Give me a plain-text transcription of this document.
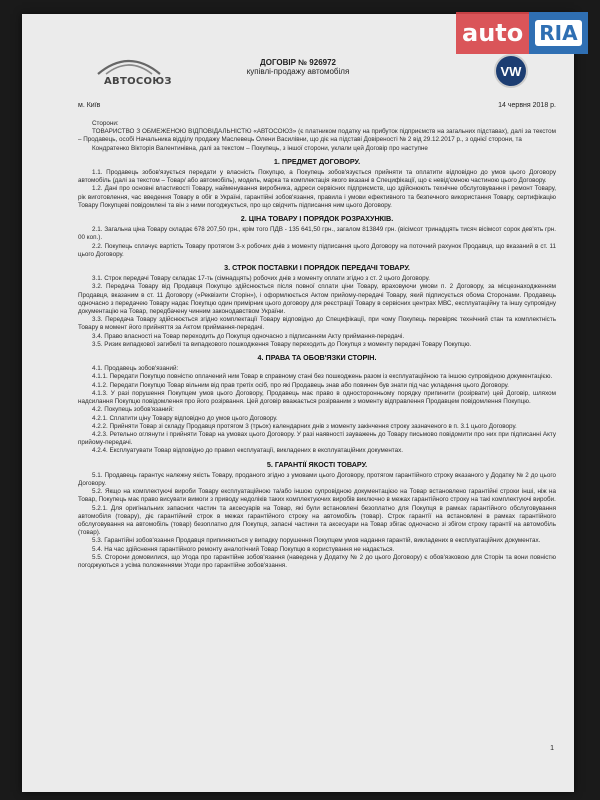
АВТОСОЮЗ
ДОГОВІР № 926972
купівлі-продажу автомобіля	VW
м. Київ	14 червня 2018 р.

Сторони:

ТОВАРИСТВО З ОБМЕЖЕНОЮ ВІДПОВІДАЛЬНІСТЮ «АВТОСОЮЗ» (є платником податку на прибуток підприємств на загальних підставах), далі за текстом – Продавець, особі Начальника відділу продажу Маслевець Олени Василівни, що діє на підставі Довіреності № 2 від 29.12.2017 р., з однієї сторони, та

Кондратенко Вікторія Валентинівна, далі за текстом – Покупець, з іншої сторони, уклали цей Договір про наступне

1. ПРЕДМЕТ ДОГОВОРУ.

1.1. Продавець зобов'язується передати у власність Покупцю, а Покупець зобов'язується прийняти та оплатити відповідно до умов цього Договору автомобіль (далі за текстом – Товар/ або автомобіль), модель, марка та комплектація якого вказані в Специфікації, що є невід'ємною частиною цього Договору.

1.2. Дані про основні властивості Товару, найменування виробника, адреси сервісних підприємств, що здійснюють технічне обслуговування і ремонт Товару, рік виготовлення, час введення Товару в обіг в Україні, гарантійні зобов'язання, правила і умови ефективного та безпечного використання Товару, сертифікацію Товару Покупцеві повідомлені та він з ними погоджується, про що свідчить підписання ним цього Договору.

2. ЦІНА ТОВАРУ І ПОРЯДОК РОЗРАХУНКІВ.

2.1. Загальна ціна Товару складає 678 207,50 грн., крім того ПДВ - 135 641,50 грн., загалом 813849 грн. (вісімсот тринадцять тисяч вісімсот сорок дев'ять грн. 00 коп.).

2.2. Покупець сплачує вартість Товару протягом 3-х робочих днів з моменту підписання цього Договору на поточний рахунок Продавця, що вказаний в ст. 11 цього Договору.

3. СТРОК ПОСТАВКИ І ПОРЯДОК ПЕРЕДАЧІ ТОВАРУ.

3.1. Строк передачі Товару складає 17-ть (сімнадцять) робочих днів з моменту оплати згідно з ст. 2 цього Договору.

3.2. Передача Товару від Продавця Покупцю здійснюється після повної сплати ціни Товару, враховуючи умови п. 2 Договору, за місцезнаходженням Продавця, вказаним в ст. 11 Договору («Реквізити Сторін»), і оформлюється Актом прийому-передачі Товару, який підписується обома Сторонами. Продавець одночасно з передачею Товару надає Покупцю один примірник цього договору для реєстрації Товару в сервісних центрах МВС, експлуатаційну та іншу супровідну документацію на Товар, передбачену чинним законодавством України.

3.3. Передача Товару здійснюється згідно комплектації Товару відповідно до Специфікації, при чому Покупець перевіряє технічний стан та комплектність Товару в момент його прийняття за Актом приймання-передачі.

3.4. Право власності на Товар переходить до Покупця одночасно з підписанням Акту приймання-передачі.

3.5. Ризик випадкової загибелі та випадкового пошкодження Товару переходить до Покупця з моменту передачі Товару Покупцю.

4. ПРАВА ТА ОБОВ'ЯЗКИ СТОРІН.

4.1. Продавець зобов'язаний:

4.1.1. Передати Покупцю повністю оплачений ним Товар в справному стані без пошкоджень разом із експлуатаційною та іншою супровідною документацією.

4.1.2. Передати Покупцю Товар вільним від прав третіх осіб, про які Продавець знав або повинен був знати під час укладення цього Договору.

4.1.3. У разі порушення Покупцем умов цього Договору, Продавець має право в односторонньому порядку припинити (розірвати) цей Договір, шляхом надсилання Покупцю повідомлення про його розірвання. Цей договір вважається розірваним з моменту відправлення Продавцем повідомлення Покупцю.

4.2. Покупець зобов'язаний:

4.2.1. Сплатити ціну Товару відповідно до умов цього Договору.

4.2.2. Прийняти Товар зі складу Продавця протягом 3 (трьох) календарних днів з моменту закінчення строку зазначеного в п. 3.1 цього Договору.

4.2.3. Ретельно оглянути і прийняти Товар на умовах цього Договору. У разі наявності зауважень до Товару письмово повідомити про них при підписанні Акту прийому-передачі.

4.2.4. Експлуатувати Товар відповідно до правил експлуатації, викладених в експлуатаційних документах.

5. ГАРАНТІЇ ЯКОСТІ ТОВАРУ.

5.1. Продавець гарантує належну якість Товару, проданого згідно з умовами цього Договору, протягом гарантійного строку вказаного у Додатку № 2 до цього Договору.

5.2. Якщо на комплектуючі вироби Товару експлуатаційною та/або іншою супровідною документацією на Товар встановлено гарантійні строки інші, ніж на Товар, Покупець має право висувати вимоги з приводу недоліків таких комплектуючих виробів виключно в межах гарантійного строку на такі комплектуючі вироби.

5.2.1. Для оригінальних запасних частин та аксесуарів на Товар, які були встановлені безоплатно для Покупця в рамках гарантійного обслуговування автомобіля (товару), діє гарантійний строк в межах гарантійного строку на автомобіль (товар). Строк гарантії на встановлені в рамках гарантійного обслуговування на автомобіль (товар) безоплатно для Покупця, запасні частини та аксесуари на Товар збігає одночасно зі збігом строку гарантії на автомобіль (товар).

5.3. Гарантійні зобов'язання Продавця припиняються у випадку порушення Покупцем умов надання гарантій, викладених в експлуатаційних документах.

5.4. На час здійснення гарантійного ремонту аналогічний Товар Покупцю в користування не надається.

5.5. Сторони домовилися, що Угода про гарантійне зобов'язання (наведена у Додатку № 2 до цього Договору) є обов'язковою для Сторін та вони повністю погоджуються з усіма положеннями Угоди про гарантійне зобов'язання.

1
auto RIA
